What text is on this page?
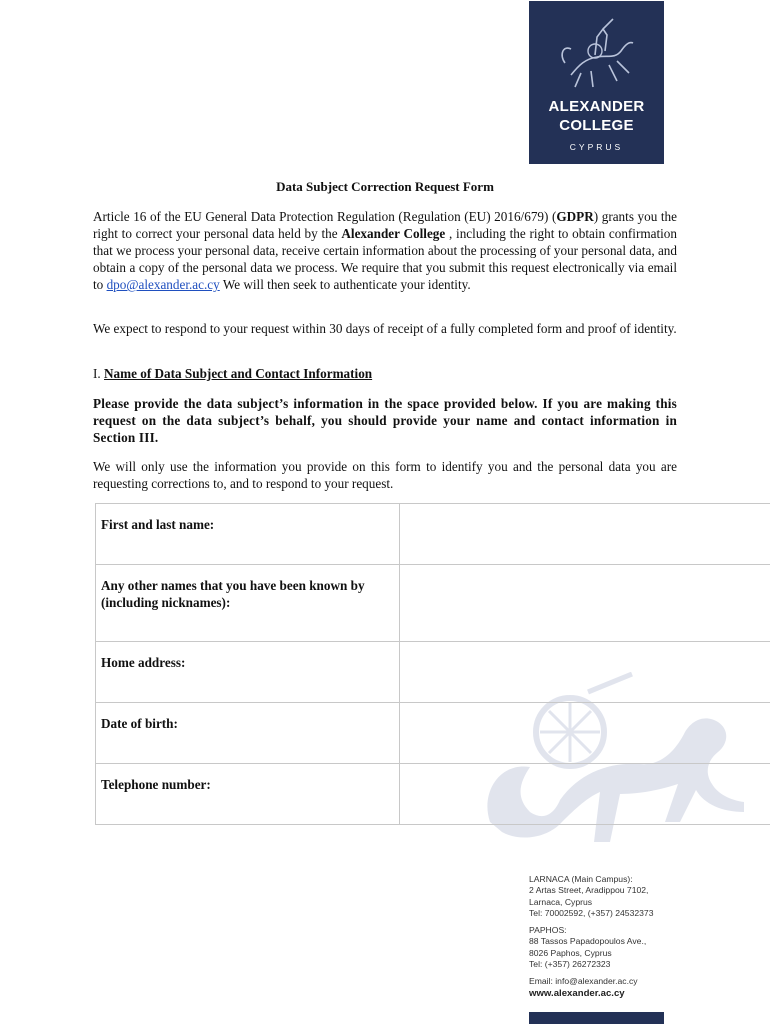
ALEXANDER
COLLEGE
CYPRUS
Data Subject Correction Request Form

Article 16 of the EU General Data Protection Regulation (Regulation (EU) 2016/679) (GDPR) grants you the right to correct your personal data held by the Alexander College , including the right to obtain confirmation that we process your personal data, receive certain information about the processing of your personal data, and obtain a copy of the personal data we process. We require that you submit this request electronically via email to dpo@alexander.ac.cy We will then seek to authenticate your identity.

We expect to respond to your request within 30 days of receipt of a fully completed form and proof of identity.

I. Name of Data Subject and Contact Information

Please provide the data subject’s information in the space provided below. If you are making this request on the data subject’s behalf, you should provide your name and contact information in Section III.

We will only use the information you provide on this form to identify you and the personal data you are requesting corrections to, and to respond to your request.

First and last name:	
Any other names that you have been known by (including nicknames):	
Home address:	
Date of birth:	
Telephone number:	
LARNACA (Main Campus):
2 Artas Street, Aradippou 7102,
Larnaca, Cyprus
Tel: 70002592, (+357) 24532373
PAPHOS:
88 Tassos Papadopoulos Ave.,
8026 Paphos, Cyprus
Tel: (+357) 26272323
Email: info@alexander.ac.cy
www.alexander.ac.cy
